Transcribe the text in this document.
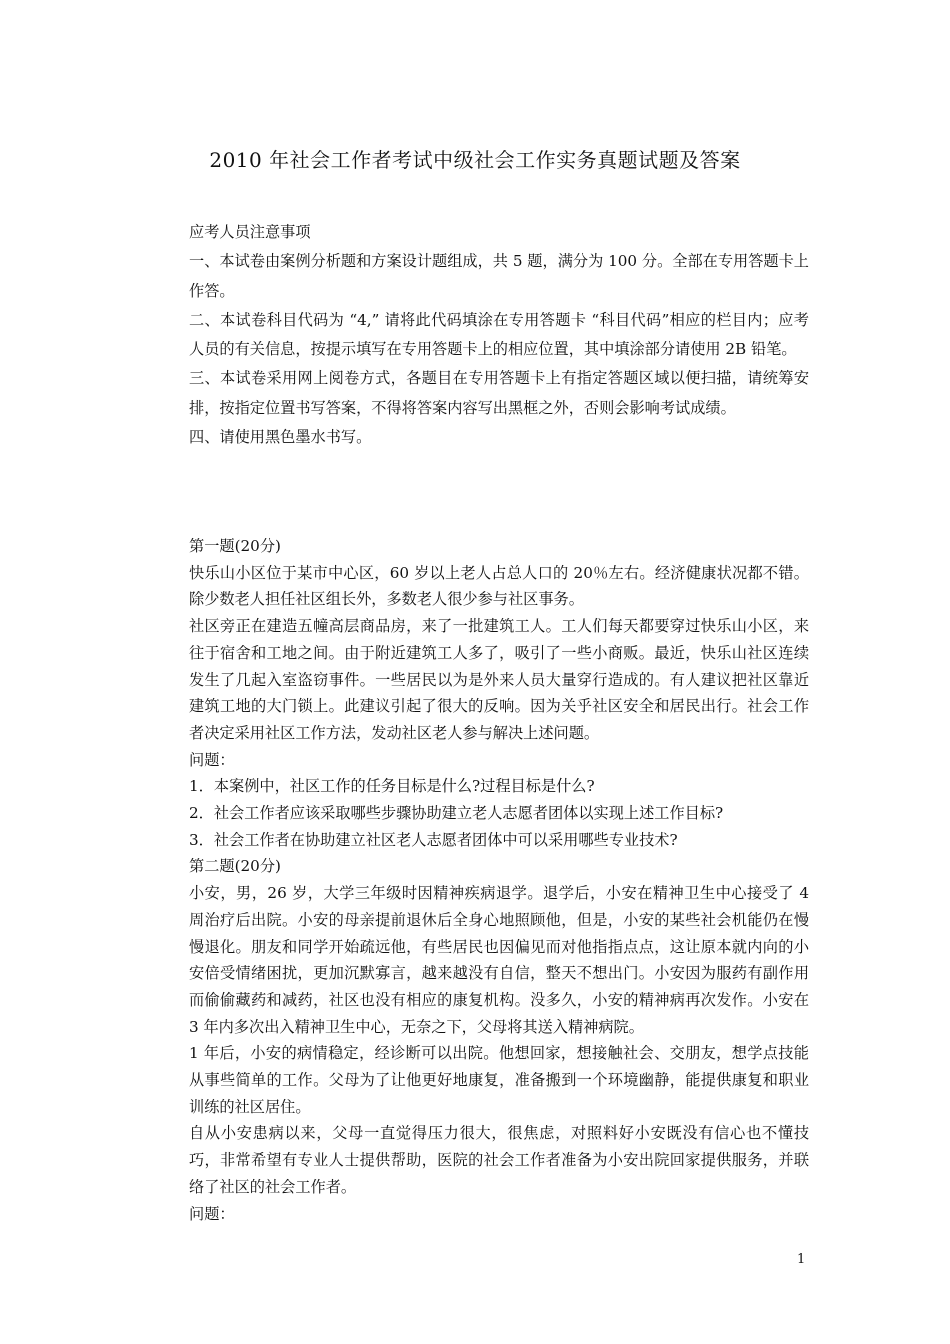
2010 年社会工作者考试中级社会工作实务真题试题及答案

应考人员注意事项

一、本试卷由案例分析题和方案设计题组成，共 5 题，满分为 100 分。全部在专用答题卡上作答。

二、本试卷科目代码为 “4,” 请将此代码填涂在专用答题卡 “科目代码”相应的栏目内；应考人员的有关信息，按提示填写在专用答题卡上的相应位置，其中填涂部分请使用 2B 铅笔。

三、本试卷采用网上阅卷方式，各题目在专用答题卡上有指定答题区域以便扫描，请统筹安排，按指定位置书写答案，不得将答案内容写出黑框之外，否则会影响考试成绩。

四、请使用黑色墨水书写。

第一题(20分)

快乐山小区位于某市中心区，60 岁以上老人占总人口的 20％左右。经济健康状况都不错。除少数老人担任社区组长外，多数老人很少参与社区事务。

社区旁正在建造五幢高层商品房，来了一批建筑工人。工人们每天都要穿过快乐山小区，来往于宿舍和工地之间。由于附近建筑工人多了，吸引了一些小商贩。最近，快乐山社区连续发生了几起入室盗窃事件。一些居民以为是外来人员大量穿行造成的。有人建议把社区靠近建筑工地的大门锁上。此建议引起了很大的反响。因为关乎社区安全和居民出行。社会工作者决定采用社区工作方法，发动社区老人参与解决上述问题。

问题：

1．本案例中，社区工作的任务目标是什么?过程目标是什么?

2．社会工作者应该采取哪些步骤协助建立老人志愿者团体以实现上述工作目标?

3．社会工作者在协助建立社区老人志愿者团体中可以采用哪些专业技术?

第二题(20分)

小安，男，26 岁，大学三年级时因精神疾病退学。退学后，小安在精神卫生中心接受了 4 周治疗后出院。小安的母亲提前退休后全身心地照顾他，但是，小安的某些社会机能仍在慢慢退化。朋友和同学开始疏远他，有些居民也因偏见而对他指指点点，这让原本就内向的小安倍受情绪困扰，更加沉默寡言，越来越没有自信，整天不想出门。小安因为服药有副作用而偷偷藏药和减药，社区也没有相应的康复机构。没多久，小安的精神病再次发作。小安在 3 年内多次出入精神卫生中心，无奈之下，父母将其送入精神病院。

1 年后，小安的病情稳定，经诊断可以出院。他想回家，想接触社会、交朋友，想学点技能从事些简单的工作。父母为了让他更好地康复，准备搬到一个环境幽静，能提供康复和职业训练的社区居住。

自从小安患病以来，父母一直觉得压力很大，很焦虑，对照料好小安既没有信心也不懂技巧，非常希望有专业人士提供帮助，医院的社会工作者准备为小安出院回家提供服务，并联络了社区的社会工作者。

问题：

1
